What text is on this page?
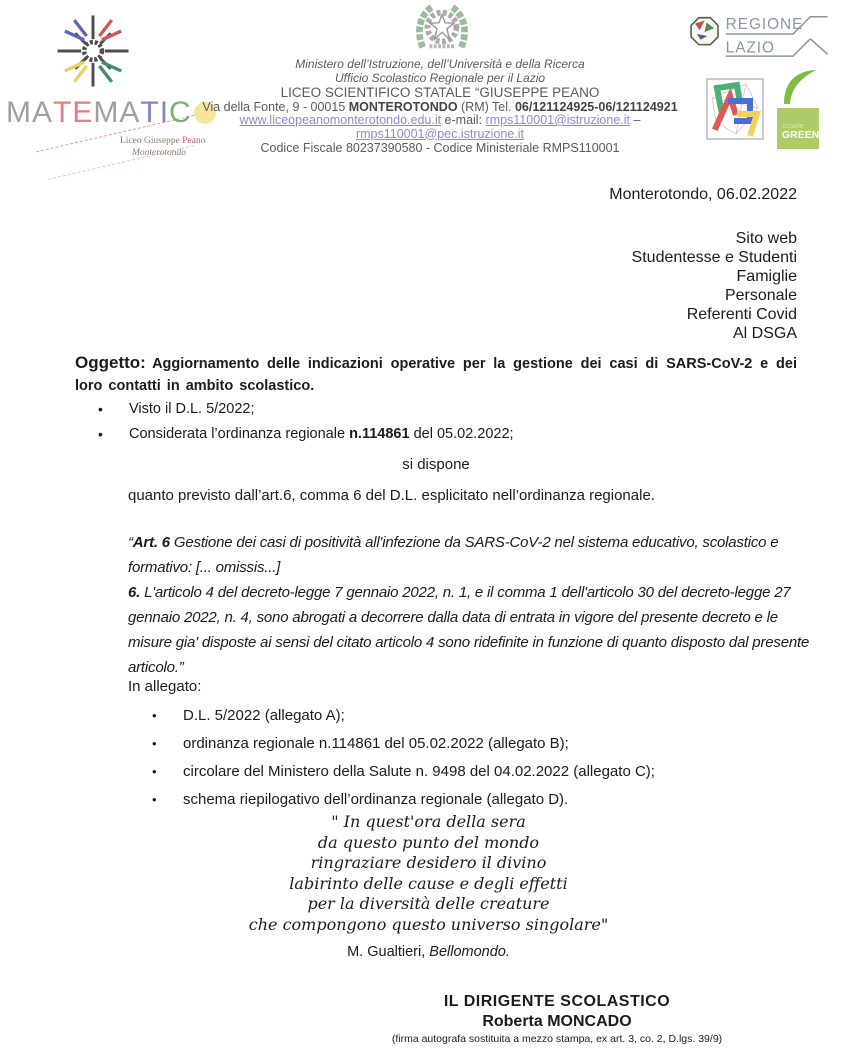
MATEMATIC O
Liceo Giuseppe Peano
Monterotondo
Ministero dell’Istruzione, dell’Università e della Ricerca
Ufficio Scolastico Regionale per il Lazio
LICEO SCIENTIFICO STATALE “GIUSEPPE PEANO
Via della Fonte, 9 - 00015 MONTEROTONDO (RM) Tel. 06/121124925-06/121124921
www.liceopeanomonterotondo.edu.it e-mail: rmps110001@istruzione.it –
rmps110001@pec.istruzione.it
Codice Fiscale 80237390580 - Codice Ministeriale RMPS110001
REGIONE
LAZIO
scuole
GREEN
Monterotondo, 06.02.2022
Sito web
Studentesse e Studenti
Famiglie
Personale
Referenti Covid
Al DSGA
Oggetto: Aggiornamento delle indicazioni operative per la gestione dei casi di SARS-CoV-2 e dei loro contatti in ambito scolastico.
• Visto il D.L. 5/2022;
• Considerata l’ordinanza regionale n.114861 del 05.02.2022;
si dispone
quanto previsto dall’art.6, comma 6 del D.L. esplicitato nell’ordinanza regionale.

“Art. 6 Gestione dei casi di positività all'infezione da SARS-CoV-2 nel sistema educativo, scolastico e formativo: [... omissis...]

6. L'articolo 4 del decreto-legge 7 gennaio 2022, n. 1, e il comma 1 dell'articolo 30 del decreto-legge 27 gennaio 2022, n. 4, sono abrogati a decorrere dalla data di entrata in vigore del presente decreto e le misure gia' disposte ai sensi del citato articolo 4 sono ridefinite in funzione di quanto disposto dal presente articolo.”

In allegato:
• D.L. 5/2022 (allegato A);
• ordinanza regionale n.114861 del 05.02.2022 (allegato B);
• circolare del Ministero della Salute n. 9498 del 04.02.2022 (allegato C);
• schema riepilogativo dell’ordinanza regionale (allegato D).
" In quest'ora della sera
da questo punto del mondo
ringraziare desidero il divino
labirinto delle cause e degli effetti
per la diversità delle creature
che compongono questo universo singolare"
M. Gualtieri, Bellomondo.
IL DIRIGENTE SCOLASTICO
Roberta MONCADO
(firma autografa sostituita a mezzo stampa, ex art. 3, co. 2, D.lgs. 39/9)
